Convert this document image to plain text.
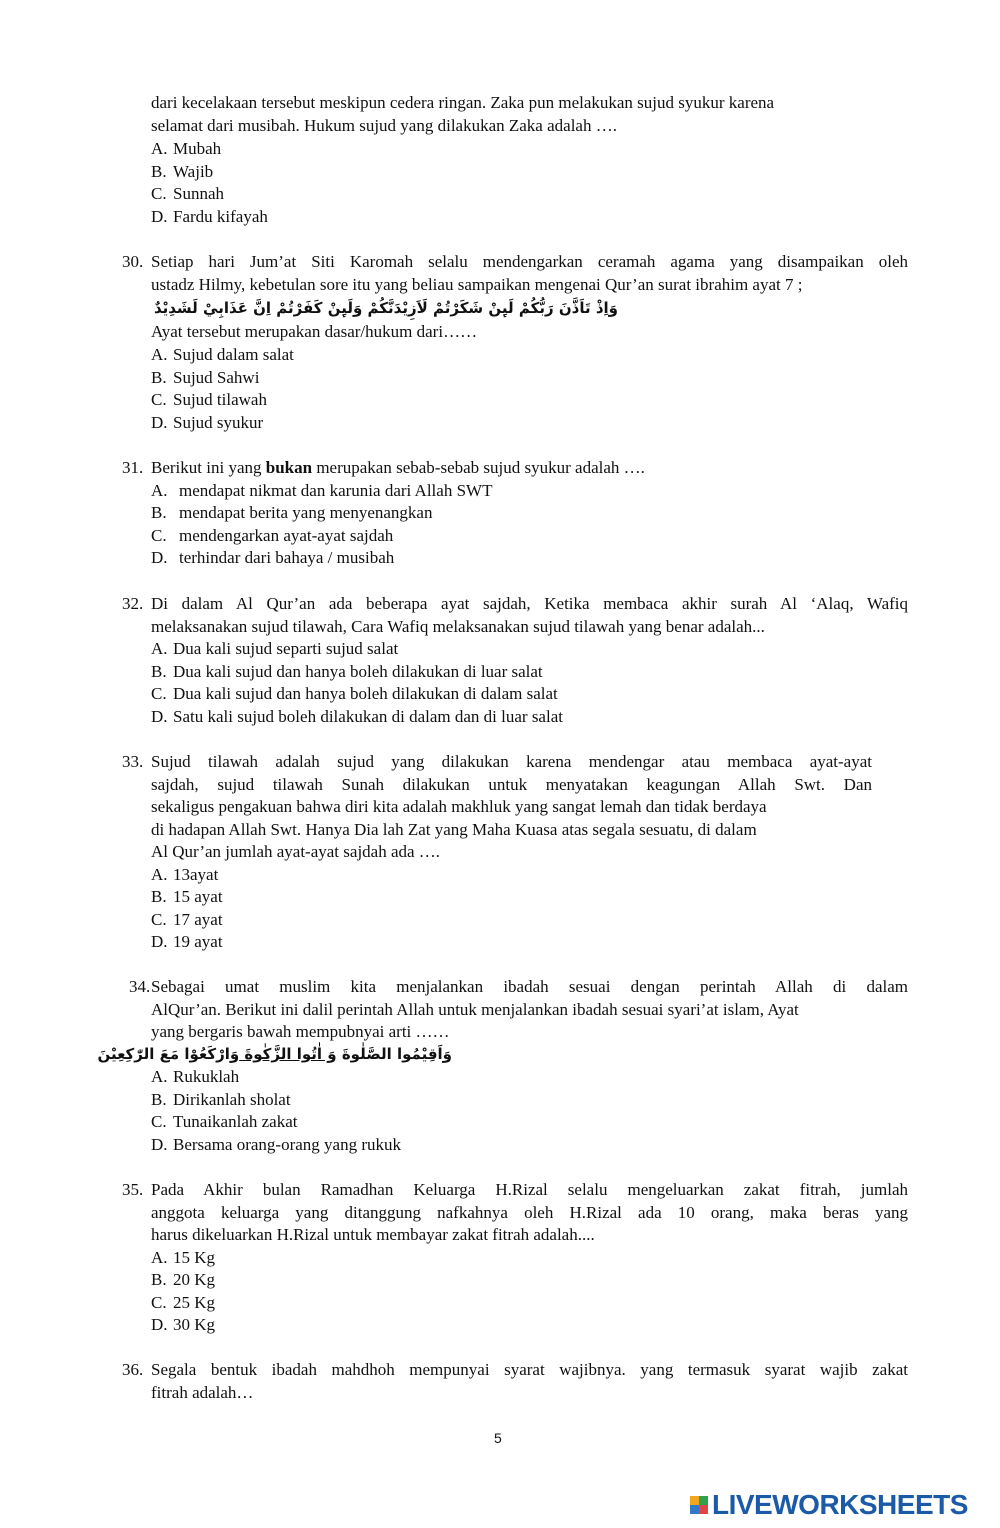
dari kecelakaan tersebut meskipun cedera ringan. Zaka pun melakukan sujud syukur karena
selamat dari musibah. Hukum sujud yang dilakukan Zaka adalah ….
A. Mubah
B. Wajib
C. Sunnah
D. Fardu kifayah
30. Setiap hari Jum’at Siti Karomah selalu mendengarkan ceramah agama yang disampaikan oleh
ustadz Hilmy, kebetulan sore itu yang beliau sampaikan mengenai Qur’an surat ibrahim ayat 7 ;
وَاِذْ تَاَذَّنَ رَبُّكُمْ لَىِٕنْ شَكَرْتُمْ لَاَزِيْدَنَّكُمْ وَلَىِٕنْ كَفَرْتُمْ اِنَّ عَذَابِيْ لَشَدِيْدٌ
Ayat tersebut merupakan dasar/hukum dari……
A. Sujud dalam salat
B. Sujud Sahwi
C. Sujud tilawah
D. Sujud syukur
31. Berikut ini yang bukan merupakan sebab-sebab sujud syukur adalah ….
A. mendapat nikmat dan karunia dari Allah SWT
B. mendapat berita yang menyenangkan
C. mendengarkan ayat-ayat sajdah
D. terhindar dari bahaya / musibah
32. Di dalam Al Qur’an ada beberapa ayat sajdah, Ketika membaca akhir surah Al ‘Alaq, Wafiq
melaksanakan sujud tilawah, Cara Wafiq melaksanakan sujud tilawah yang benar adalah...
A. Dua kali sujud separti sujud salat
B. Dua kali sujud dan hanya boleh dilakukan di luar salat
C. Dua kali sujud dan hanya boleh dilakukan di dalam salat
D. Satu kali sujud boleh dilakukan di dalam dan di luar salat
33. Sujud tilawah adalah sujud yang dilakukan karena mendengar atau membaca ayat-ayat
sajdah, sujud tilawah Sunah dilakukan untuk menyatakan keagungan Allah Swt. Dan
sekaligus pengakuan bahwa diri kita adalah makhluk yang sangat lemah dan tidak berdaya
di hadapan Allah Swt. Hanya Dia lah Zat yang Maha Kuasa atas segala sesuatu, di dalam
Al Qur’an jumlah ayat-ayat sajdah ada ….
A. 13ayat
B. 15 ayat
C. 17 ayat
D. 19 ayat
34. Sebagai umat muslim kita menjalankan ibadah sesuai dengan perintah Allah di dalam
AlQur’an. Berikut ini dalil perintah Allah untuk menjalankan ibadah sesuai syari’at islam, Ayat
yang bergaris bawah mempubnyai arti ……
وَاَقِيْمُوا الصَّلٰوةَ وَ اٰتُوا الزَّكٰوةَ وَارْكَعُوْا مَعَ الرّٰكِعِيْنَ
A. Rukuklah
B. Dirikanlah sholat
C. Tunaikanlah zakat
D. Bersama orang-orang yang rukuk
35. Pada Akhir bulan Ramadhan Keluarga H.Rizal selalu mengeluarkan zakat fitrah, jumlah
anggota keluarga yang ditanggung nafkahnya oleh H.Rizal ada 10 orang, maka beras yang
harus dikeluarkan H.Rizal untuk membayar zakat fitrah adalah....
A. 15 Kg
B. 20 Kg
C. 25 Kg
D. 30 Kg
36. Segala bentuk ibadah mahdhoh mempunyai syarat wajibnya. yang termasuk syarat wajib zakat
fitrah adalah…
5
LIVEWORKSHEETS
